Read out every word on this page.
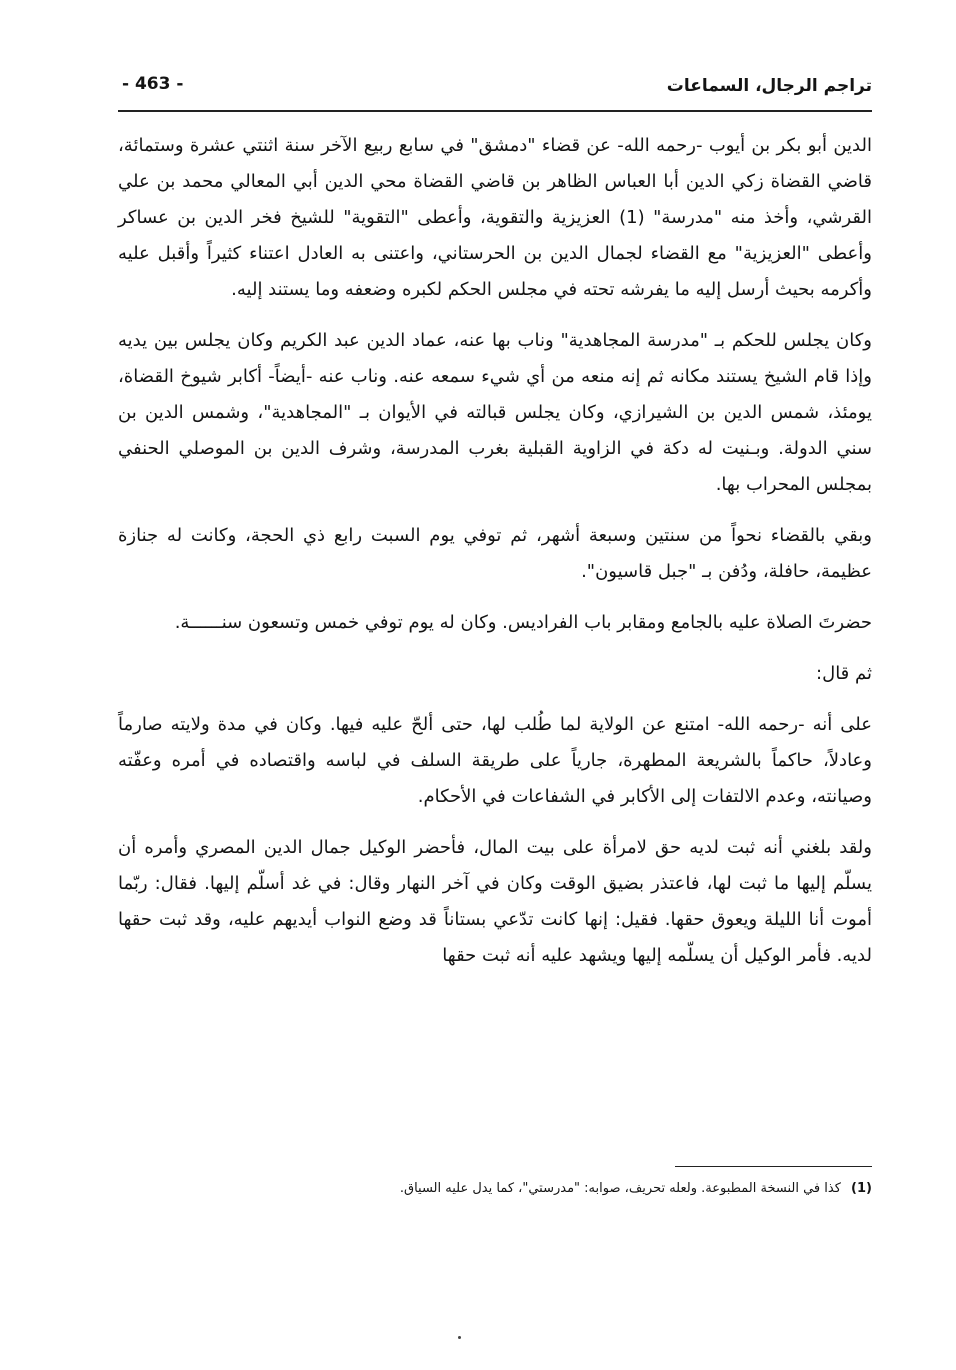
تراجم الرجال، السماعات
- 463 -

الدين أبو بكر بن أيوب -رحمه الله- عن قضاء "دمشق" في سابع ربيع الآخر سنة اثنتي عشرة وستمائة، قاضي القضاة زكي الدين أبا العباس الظاهر بن قاضي القضاة محي الدين أبي المعالي محمد بن علي القرشي، وأخذ منه "مدرسة" (1) العزيزية والتقوية، وأعطى "التقوية" للشيخ فخر الدين بن عساكر وأعطى "العزيزية" مع القضاء لجمال الدين بن الحرستاني، واعتنى به العادل اعتناء كثيراً وأقبل عليه وأكرمه بحيث أرسل إليه ما يفرشه تحته في مجلس الحكم لكبره وضعفه وما يستند إليه.

وكان يجلس للحكم بـ "مدرسة المجاهدية" وناب بها عنه، عماد الدين عبد الكريم وكان يجلس بين يديه وإذا قام الشيخ يستند مكانه ثم إنه منعه من أي شيء سمعه عنه. وناب عنه -أيضاً- أكابر شيوخ القضاة، يومئذ، شمس الدين بن الشيرازي، وكان يجلس قبالته في الأيوان بـ "المجاهدية"، وشمس الدين بن سني الدولة. وبـنيت له دكة في الزاوية القبلية بغرب المدرسة، وشرف الدين بن الموصلي الحنفي بمجلس المحراب بها.

وبقي بالقضاء نحواً من سنتين وسبعة أشهر، ثم توفي يوم السبت رابع ذي الحجة، وكانت له جنازة عظيمة، حافلة، ودُفن بـ "جبل قاسيون".

حضرتَ الصلاة عليه بالجامع ومقابر باب الفراديس. وكان له يوم توفي خمس وتسعون سنــــــة.

ثم قال:

على أنه -رحمه الله- امتنع عن الولاية لما طُلب لها، حتى ألحّ عليه فيها. وكان في مدة ولايته صارماً وعادلاً، حاكماً بالشريعة المطهرة، جارياً على طريقة السلف في لباسه واقتصاده في أمره وعفّته وصيانته، وعدم الالتفات إلى الأكابر في الشفاعات في الأحكام.

ولقد بلغني أنه ثبت لديه حق لامرأة على بيت المال، فأحضر الوكيل جمال الدين المصري وأمره أن يسلّم إليها ما ثبت لها، فاعتذر بضيق الوقت وكان في آخر النهار وقال: في غد أسلّم إليها. فقال: ربّما أموت أنا الليلة ويعوق حقها. فقيل: إنها كانت تدّعي بستاناً قد وضع النواب أيديهم عليه، وقد ثبت حقها لديه. فأمر الوكيل أن يسلّمه إليها ويشهد عليه أنه ثبت حقها

(1) كذا في النسخة المطبوعة. ولعله تحريف، صوابه: "مدرستي"، كما يدل عليه السياق.
